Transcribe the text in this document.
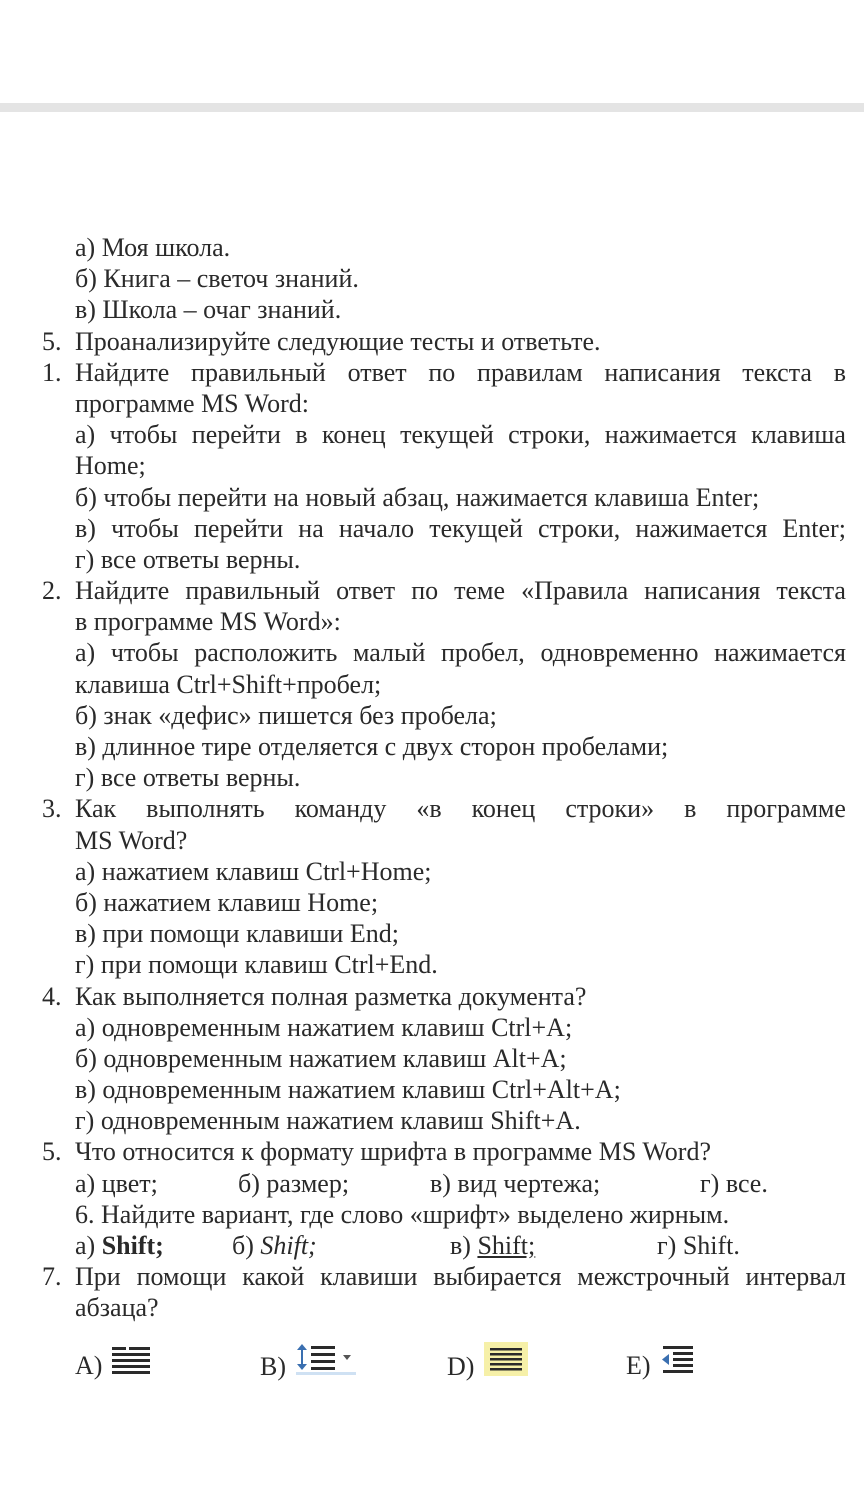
а) Моя школа.
б) Книга – светоч знаний.
в) Школа – очаг знаний.
5. Проанализируйте следующие тесты и ответьте.
1. Найдите правильный ответ по правилам написания текста в
программе MS Word:
а) чтобы перейти в конец текущей строки, нажимается клавиша
Home;
б) чтобы перейти на новый абзац, нажимается клавиша Enter;
в) чтобы перейти на начало текущей строки, нажимается Enter;
г) все ответы верны.
2. Найдите правильный ответ по теме «Правила написания текста
в программе MS Word»:
а) чтобы расположить малый пробел, одновременно нажимается
клавиша Ctrl+Shift+пробел;
б) знак «дефис» пишется без пробела;
в) длинное тире отделяется с двух сторон пробелами;
г) все ответы верны.
3. Как выполнять команду «в конец строки» в программе
MS Word?
а) нажатием клавиш Ctrl+Home;
б) нажатием клавиш Home;
в) при помощи клавиши End;
г) при помощи клавиш Ctrl+End.
4. Как выполняется полная разметка документа?
а) одновременным нажатием клавиш Ctrl+A;
б) одновременным нажатием клавиш Alt+A;
в) одновременным нажатием клавиш Ctrl+Alt+A;
г) одновременным нажатием клавиш Shift+A.
5. Что относится к формату шрифта в программе MS Word?
а) цвет;	б) размер;	в) вид чертежа;	г) все.
6. Найдите вариант, где слово «шрифт» выделено жирным.
а) Shift;	б) Shift;	в) Shift;	г) Shift.
7. При помощи какой клавиши выбирается межстрочный интервал
абзаца?
A)	B)	D)	E)
